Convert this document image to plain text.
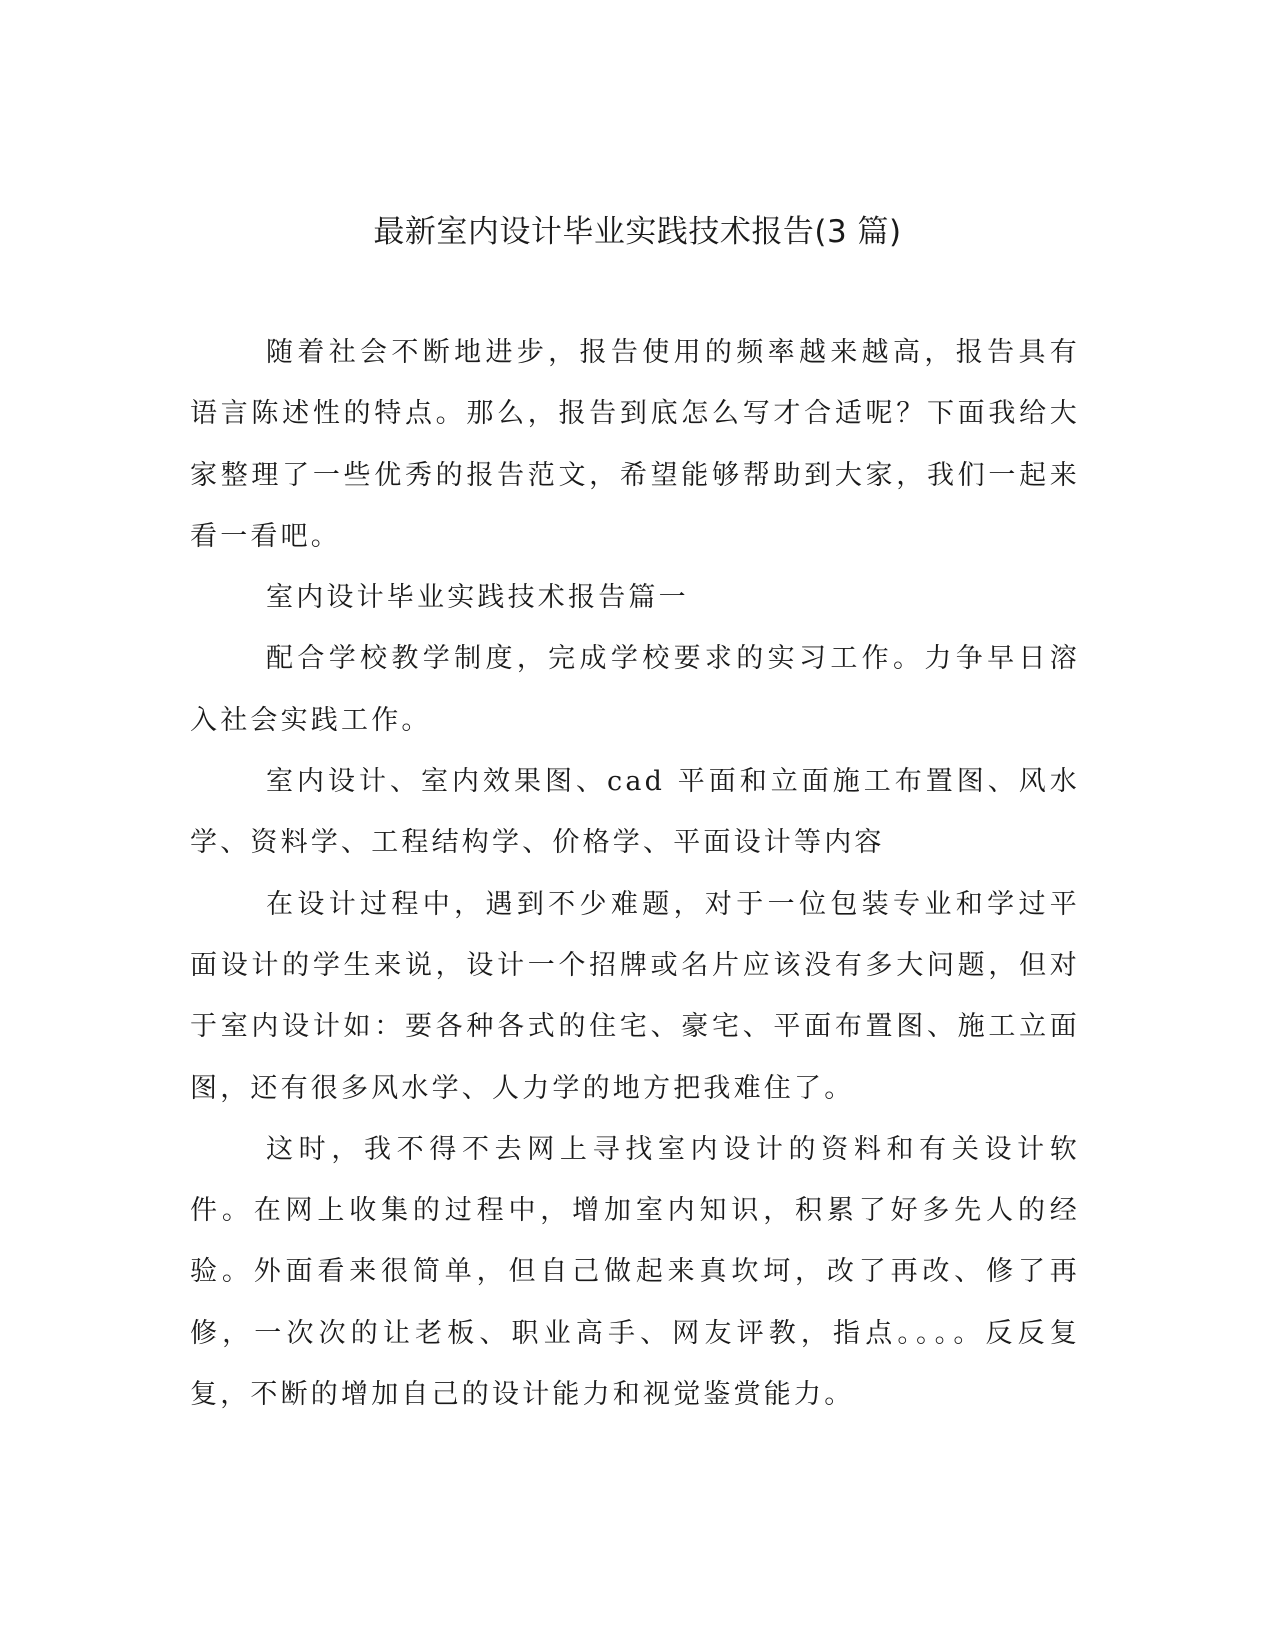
最新室内设计毕业实践技术报告(3 篇)

随着社会不断地进步，报告使用的频率越来越高，报告具有语言陈述性的特点。那么，报告到底怎么写才合适呢？下面我给大家整理了一些优秀的报告范文，希望能够帮助到大家，我们一起来看一看吧。

室内设计毕业实践技术报告篇一

配合学校教学制度，完成学校要求的实习工作。力争早日溶入社会实践工作。

室内设计、室内效果图、cad 平面和立面施工布置图、风水学、资料学、工程结构学、价格学、平面设计等内容

在设计过程中，遇到不少难题，对于一位包装专业和学过平面设计的学生来说，设计一个招牌或名片应该没有多大问题，但对于室内设计如：要各种各式的住宅、豪宅、平面布置图、施工立面图，还有很多风水学、人力学的地方把我难住了。

这时，我不得不去网上寻找室内设计的资料和有关设计软件。在网上收集的过程中，增加室内知识，积累了好多先人的经验。外面看来很简单，但自己做起来真坎坷，改了再改、修了再修，一次次的让老板、职业高手、网友评教，指点。。。。反反复复，不断的增加自己的设计能力和视觉鉴赏能力。
